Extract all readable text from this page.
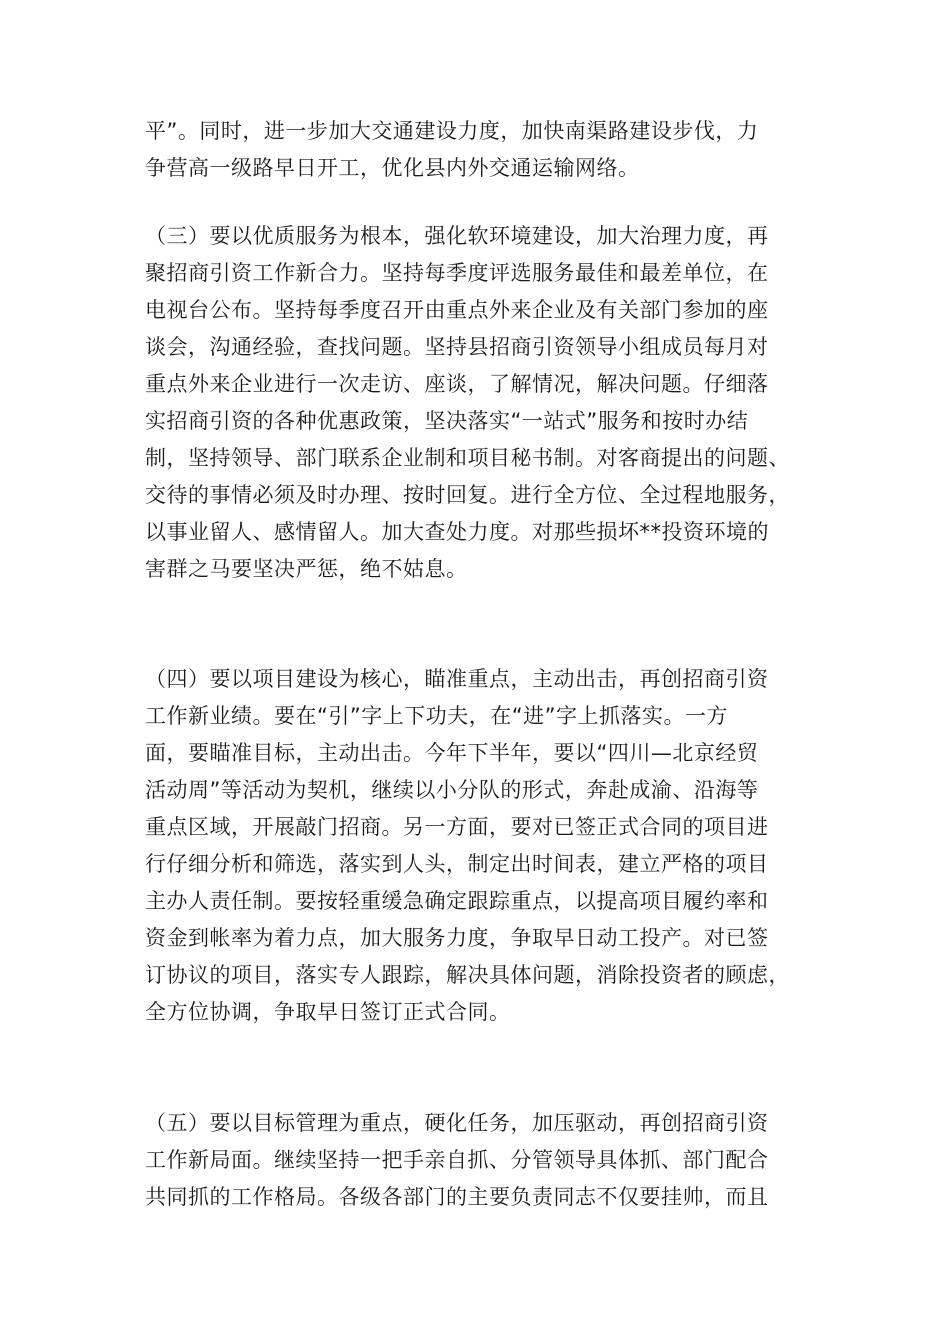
平”。同时，进一步加大交通建设力度，加快南渠路建设步伐，力
争营高一级路早日开工，优化县内外交通运输网络。
（三）要以优质服务为根本，强化软环境建设，加大治理力度，再
聚招商引资工作新合力。坚持每季度评选服务最佳和最差单位，在
电视台公布。坚持每季度召开由重点外来企业及有关部门参加的座
谈会，沟通经验，查找问题。坚持县招商引资领导小组成员每月对
重点外来企业进行一次走访、座谈，了解情况，解决问题。仔细落
实招商引资的各种优惠政策，坚决落实“一站式”服务和按时办结
制，坚持领导、部门联系企业制和项目秘书制。对客商提出的问题、
交待的事情必须及时办理、按时回复。进行全方位、全过程地服务，
以事业留人、感情留人。加大查处力度。对那些损坏**投资环境的
害群之马要坚决严惩，绝不姑息。
（四）要以项目建设为核心，瞄准重点，主动出击，再创招商引资
工作新业绩。要在“引”字上下功夫，在“进”字上抓落实。一方
面，要瞄准目标，主动出击。今年下半年，要以“四川—北京经贸
活动周”等活动为契机，继续以小分队的形式，奔赴成渝、沿海等
重点区域，开展敲门招商。另一方面，要对已签正式合同的项目进
行仔细分析和筛选，落实到人头，制定出时间表，建立严格的项目
主办人责任制。要按轻重缓急确定跟踪重点，以提高项目履约率和
资金到帐率为着力点，加大服务力度，争取早日动工投产。对已签
订协议的项目，落实专人跟踪，解决具体问题，消除投资者的顾虑，
全方位协调，争取早日签订正式合同。
（五）要以目标管理为重点，硬化任务，加压驱动，再创招商引资
工作新局面。继续坚持一把手亲自抓、分管领导具体抓、部门配合
共同抓的工作格局。各级各部门的主要负责同志不仅要挂帅，而且
